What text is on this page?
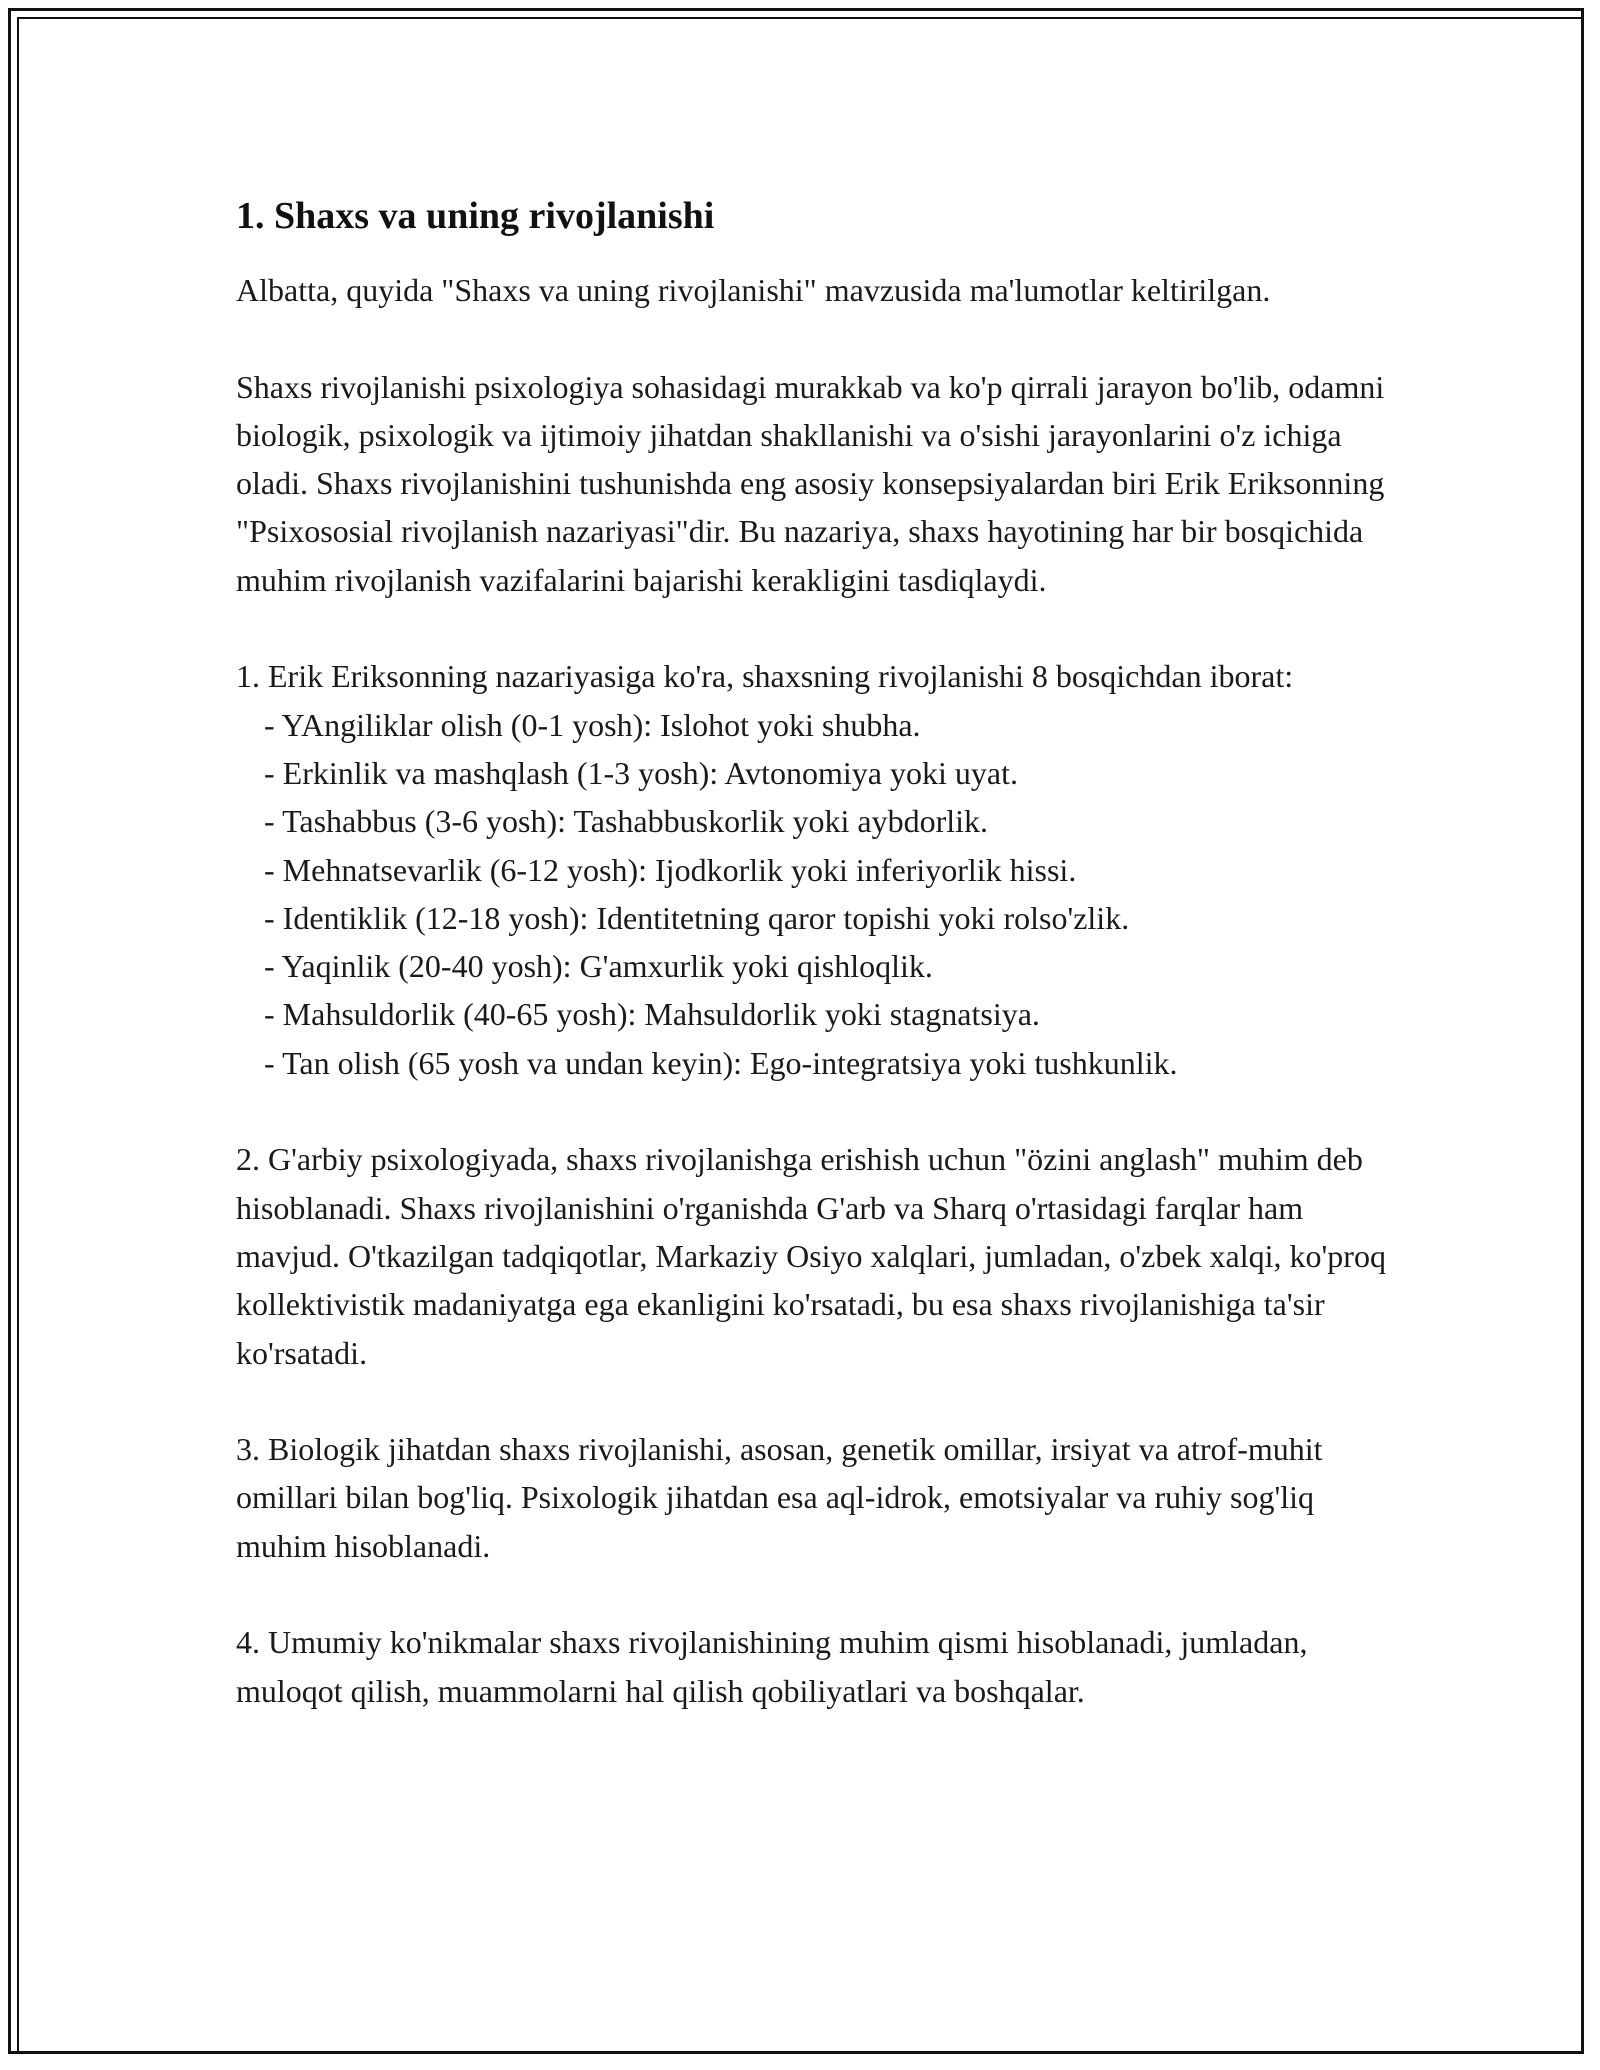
1. Shaxs va uning rivojlanishi

Albatta, quyida "Shaxs va uning rivojlanishi" mavzusida ma'lumotlar keltirilgan.

Shaxs rivojlanishi psixologiya sohasidagi murakkab va ko'p qirrali jarayon bo'lib, odamni biologik, psixologik va ijtimoiy jihatdan shakllanishi va o'sishi jarayonlarini o'z ichiga oladi. Shaxs rivojlanishini tushunishda eng asosiy konsepsiyalardan biri Erik Eriksonning "Psixososial rivojlanish nazariyasi"dir. Bu nazariya, shaxs hayotining har bir bosqichida muhim rivojlanish vazifalarini bajarishi kerakligini tasdiqlaydi.

1. Erik Eriksonning nazariyasiga ko'ra, shaxsning rivojlanishi 8 bosqichdan iborat:

- YAngiliklar olish (0-1 yosh): Islohot yoki shubha.
- Erkinlik va mashqlash (1-3 yosh): Avtonomiya yoki uyat.
- Tashabbus (3-6 yosh): Tashabbuskorlik yoki aybdorlik.
- Mehnatsevarlik (6-12 yosh): Ijodkorlik yoki inferiyorlik hissi.
- Identiklik (12-18 yosh): Identitetning qaror topishi yoki rolso'zlik.
- Yaqinlik (20-40 yosh): G'amxurlik yoki qishloqlik.
- Mahsuldorlik (40-65 yosh): Mahsuldorlik yoki stagnatsiya.
- Tan olish (65 yosh va undan keyin): Ego-integratsiya yoki tushkunlik.

2. G'arbiy psixologiyada, shaxs rivojlanishga erishish uchun "özini anglash" muhim deb hisoblanadi. Shaxs rivojlanishini o'rganishda G'arb va Sharq o'rtasidagi farqlar ham mavjud. O'tkazilgan tadqiqotlar, Markaziy Osiyo xalqlari, jumladan, o'zbek xalqi, ko'proq kollektivistik madaniyatga ega ekanligini ko'rsatadi, bu esa shaxs rivojlanishiga ta'sir ko'rsatadi.

3. Biologik jihatdan shaxs rivojlanishi, asosan, genetik omillar, irsiyat va atrof-muhit omillari bilan bog'liq. Psixologik jihatdan esa aql-idrok, emotsiyalar va ruhiy sog'liq muhim hisoblanadi.

4. Umumiy ko'nikmalar shaxs rivojlanishining muhim qismi hisoblanadi, jumladan, muloqot qilish, muammolarni hal qilish qobiliyatlari va boshqalar.
